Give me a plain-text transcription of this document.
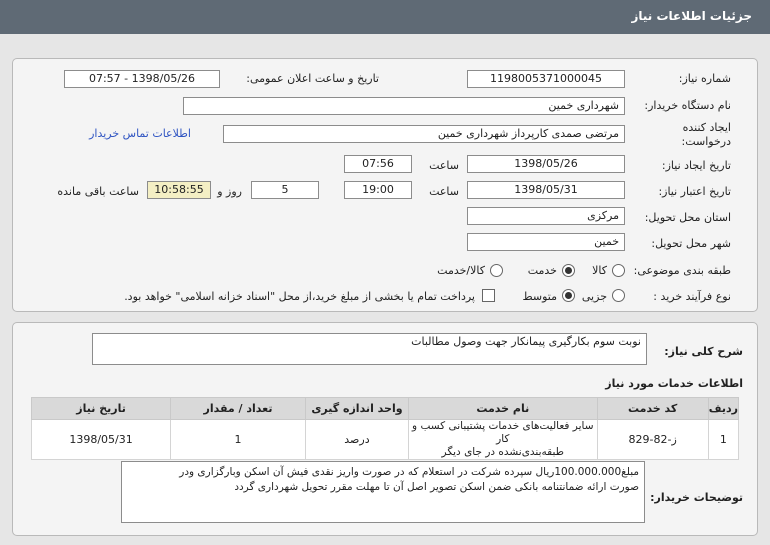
جزئیات اطلاعات نیاز
شماره نیاز:
1198005371000045
تاریخ و ساعت اعلان عمومی:
1398/05/26 - 07:57
نام دستگاه خریدار:
شهرداری خمین
ایجاد کننده
درخواست:
مرتضی صمدی کارپرداز شهرداری خمین
اطلاعات تماس خریدار
تاریخ ایجاد نیاز:
1398/05/26
ساعت
07:56
تاریخ اعتبار نیاز:
1398/05/31
ساعت
19:00
5
روز و
10:58:55
ساعت باقی مانده
استان محل تحویل:
مرکزی
شهر محل تحویل:
خمین
طبقه بندی موضوعی:
کالا
خدمت
کالا/خدمت
نوع فرآیند خرید :
جزیی
متوسط
پرداخت تمام یا بخشی از مبلغ خرید،از محل "اسناد خزانه اسلامی" خواهد بود.
شرح کلی نیاز:
نوبت سوم بکارگیری پیمانکار جهت وصول مطالبات
اطلاعات خدمات مورد نیاز
ردیف	کد خدمت	نام خدمت	واحد اندازه گیری	تعداد / مقدار	تاریخ نیاز
1	ز-82-829	سایر فعالیت‌های خدمات پشتیبانی کسب و کار
طبقه‌بندی‌نشده در جای دیگر	درصد	1	1398/05/31
توضیحات خریدار:
مبلغ100.000.000ریال سپرده شرکت در استعلام که در صورت واریز نقدی فیش آن اسکن وبارگزاری ودر
صورت ارائه ضمانتنامه بانکی ضمن اسکن تصویر اصل آن تا مهلت مقرر تحویل شهرداری گردد
